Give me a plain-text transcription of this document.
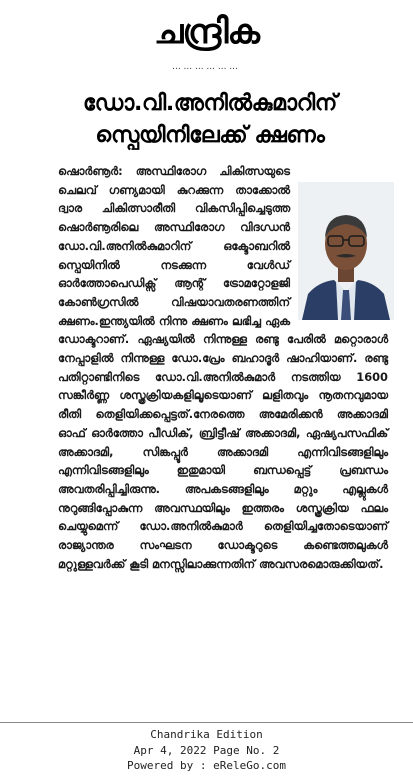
ചന്ദ്രിക
... ... ... ... ... ...
ഡോ.വി.അനിൽകുമാറിന്
സ്പെയിനിലേക്ക് ക്ഷണം
ഷൊർണൂർ: അസ്ഥിരോഗ ചികിത്സയുടെ ചെലവ് ഗണ്യമായി കുറക്കുന്ന താക്കോൽ ദ്വാര ചികിത്സാരീതി വികസിപ്പിച്ചെടുത്ത ഷൊർണൂരിലെ അസ്ഥിരോഗ വിദഗ്ധൻ ഡോ.വി.അനിൽകുമാറിന് ഒക്ടോബറിൽ സ്പെയിനിൽ നടക്കുന്ന വേൾഡ് ഓർത്തോപെഡിക്സ് ആന്റ് ട്രോമറ്റോളജി കോൺഗ്രസിൽ വിഷയാവതരണത്തിന് ക്ഷണം.ഇന്ത്യയിൽ നിന്നു ക്ഷണം ലഭിച്ച ഏക ഡോക്ടറാണ്. ഏഷ്യയിൽ നിന്നുള്ള രണ്ടു പേരിൽ മറ്റൊരാൾ നേപ്പാളിൽ നിന്നുള്ള ഡോ.പ്രേം ബഹാദൂർ ഷാഹിയാണ്. രണ്ടു പതിറ്റാണ്ടിനിടെ ഡോ.വി.അനിൽകുമാർ നടത്തിയ 1600 സങ്കീർണ്ണ ശസ്ത്രക്രിയകളിലൂടെയാണ് ലളിതവും നൂതനവുമായ രീതി തെളിയിക്കപ്പെട്ടത്.നേരത്തെ അമേരിക്കൻ അക്കാദമി ഓഫ് ഓർത്തോ പീഡിക്, ബ്രിട്ടീഷ് അക്കാദമി, ഏഷ്യപസഫിക് അക്കാദമി, സിങ്കപ്പൂർ അക്കാദമി എന്നിവിടങ്ങളിലും എന്നിവിടങ്ങളിലും ഇതുമായി ബന്ധപ്പെട്ട് പ്രബന്ധം അവതരിപ്പിച്ചിരുന്നു. അപകടങ്ങളിലും മറ്റും എല്ലുകൾ നുറുങ്ങിപ്പോകുന്ന അവസ്ഥയിലും ഇത്തരം ശസ്ത്രക്രിയ ഫലം ചെയ്യുമെന്ന് ഡോ.അനിൽകുമാർ തെളിയിച്ചതോടെയാണ് രാജ്യാന്തര സംഘടന ഡോക്ടറുടെ കണ്ടെത്തലുകൾ മറ്റുള്ളവർക്ക് കൂടി മനസ്സിലാക്കുന്നതിന് അവസരമൊരുക്കിയത്.
Chandrika Edition
Apr 4, 2022 Page No. 2
Powered by : eReleGo.com
